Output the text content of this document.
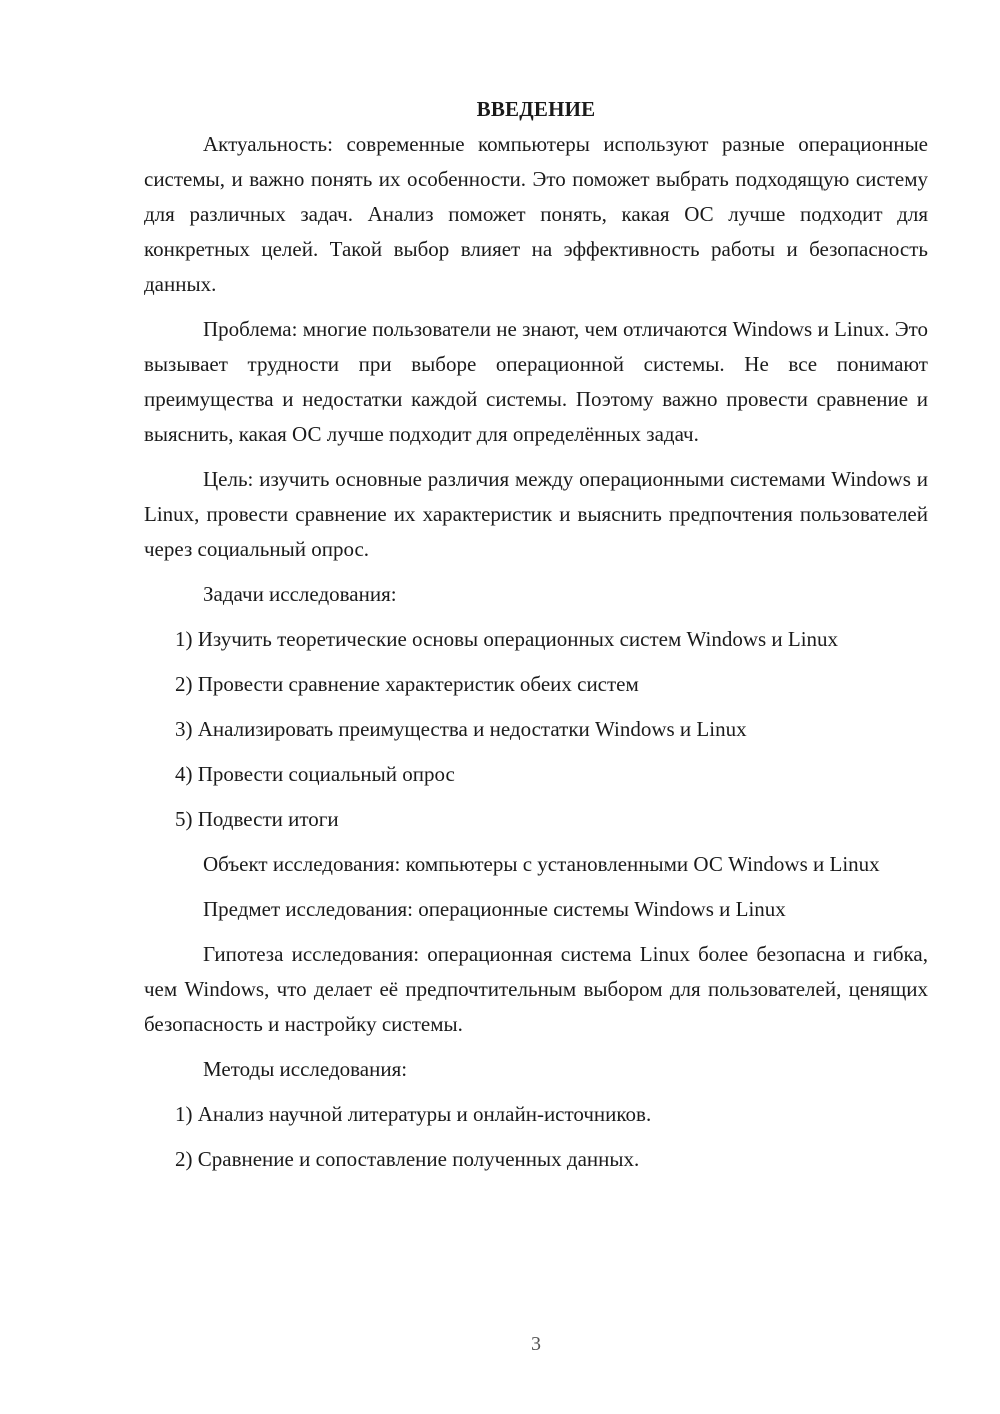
ВВЕДЕНИЕ
Актуальность: современные компьютеры используют разные операционные системы, и важно понять их особенности. Это поможет выбрать подходящую систему для различных задач. Анализ поможет понять, какая ОС лучше подходит для конкретных целей. Такой выбор влияет на эффективность работы и безопасность данных.
Проблема: многие пользователи не знают, чем отличаются Windows и Linux. Это вызывает трудности при выборе операционной системы. Не все понимают преимущества и недостатки каждой системы. Поэтому важно провести сравнение и выяснить, какая ОС лучше подходит для определённых задач.
Цель: изучить основные различия между операционными системами Windows и Linux, провести сравнение их характеристик и выяснить предпочтения пользователей через социальный опрос.
Задачи исследования:
1) Изучить теоретические основы операционных систем Windows и Linux
2) Провести сравнение характеристик обеих систем
3) Анализировать преимущества и недостатки Windows и Linux
4) Провести социальный опрос
5) Подвести итоги
Объект исследования: компьютеры с установленными ОС Windows и Linux
Предмет исследования: операционные системы Windows и Linux
Гипотеза исследования: операционная система Linux более безопасна и гибка, чем Windows, что делает её предпочтительным выбором для пользователей, ценящих безопасность и настройку системы.
Методы исследования:
1) Анализ научной литературы и онлайн-источников.
2) Сравнение и сопоставление полученных данных.
3
